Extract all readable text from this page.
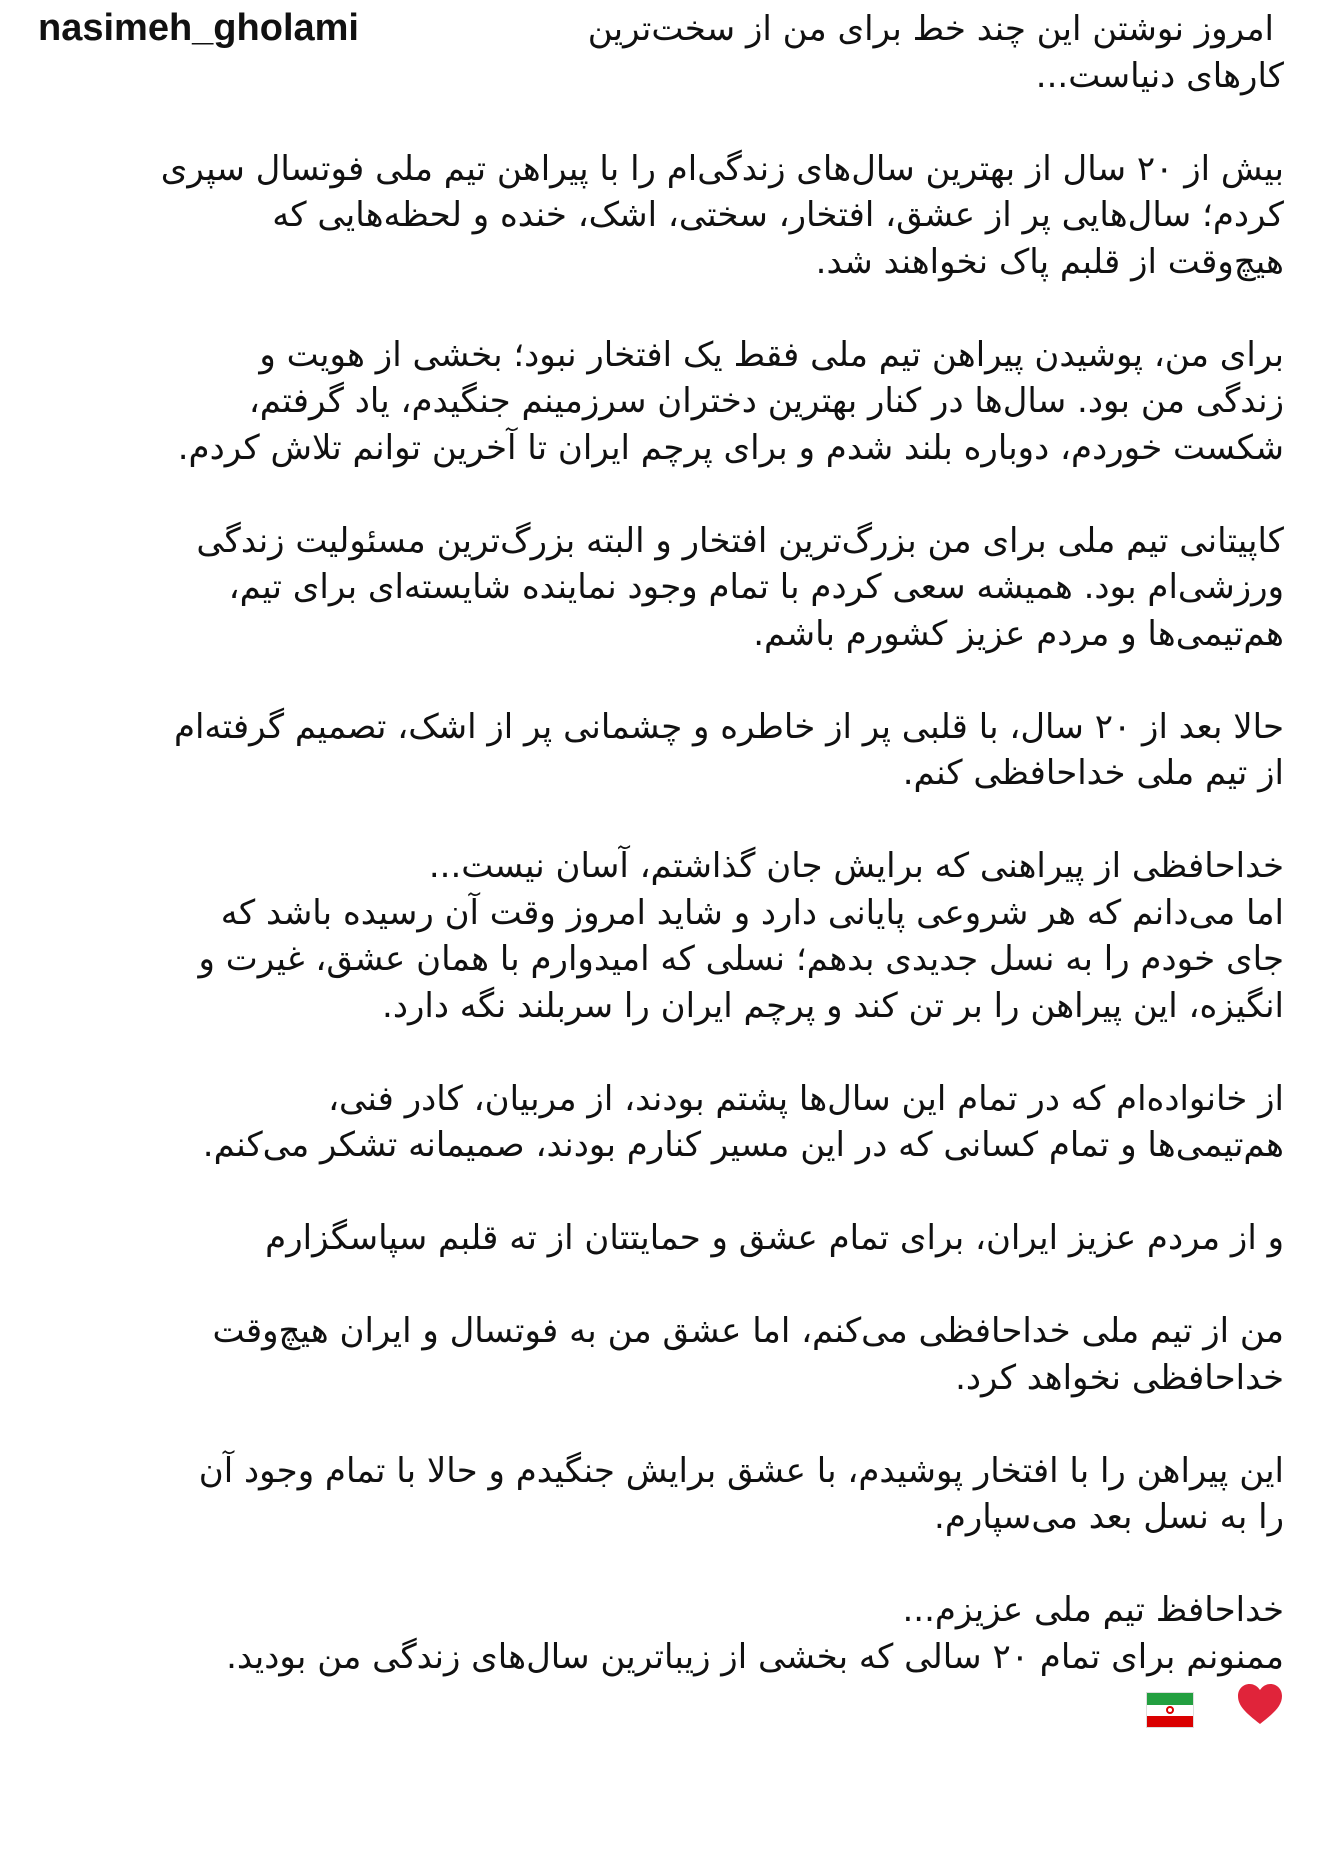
nasimeh_gholami	امروز نوشتن این چند خط برای من از سخت‌ترین
کارهای دنیاست...

بیش از ۲۰ سال از بهترین سال‌های زندگی‌ام را با پیراهن تیم ملی فوتسال سپری
کردم؛ سال‌هایی پر از عشق، افتخار، سختی، اشک، خنده و لحظه‌هایی که
هیچ‌وقت از قلبم پاک نخواهند شد.

برای من، پوشیدن پیراهن تیم ملی فقط یک افتخار نبود؛ بخشی از هویت و
زندگی من بود. سال‌ها در کنار بهترین دختران سرزمینم جنگیدم، یاد گرفتم،
شکست خوردم، دوباره بلند شدم و برای پرچم ایران تا آخرین توانم تلاش کردم.

کاپیتانی تیم ملی برای من بزرگ‌ترین افتخار و البته بزرگ‌ترین مسئولیت زندگی
ورزشی‌ام بود. همیشه سعی کردم با تمام وجود نماینده شایسته‌ای برای تیم،
هم‌تیمی‌ها و مردم عزیز کشورم باشم.

حالا بعد از ۲۰ سال، با قلبی پر از خاطره و چشمانی پر از اشک، تصمیم گرفته‌ام
از تیم ملی خداحافظی کنم.

خداحافظی از پیراهنی که برایش جان گذاشتم، آسان نیست...
اما می‌دانم که هر شروعی پایانی دارد و شاید امروز وقت آن رسیده باشد که
جای خودم را به نسل جدیدی بدهم؛ نسلی که امیدوارم با همان عشق، غیرت و
انگیزه، این پیراهن را بر تن کند و پرچم ایران را سربلند نگه دارد.

از خانواده‌ام که در تمام این سال‌ها پشتم بودند، از مربیان، کادر فنی،
هم‌تیمی‌ها و تمام کسانی که در این مسیر کنارم بودند، صمیمانه تشکر می‌کنم.

و از مردم عزیز ایران، برای تمام عشق و حمایتتان از ته قلبم سپاسگزارم

من از تیم ملی خداحافظی می‌کنم، اما عشق من به فوتسال و ایران هیچ‌وقت
خداحافظی نخواهد کرد.

این پیراهن را با افتخار پوشیدم، با عشق برایش جنگیدم و حالا با تمام وجود آن
را به نسل بعد می‌سپارم.

خداحافظ تیم ملی عزیزم...
ممنونم برای تمام ۲۰ سالی که بخشی از زیباترین سال‌های زندگی من بودید.
